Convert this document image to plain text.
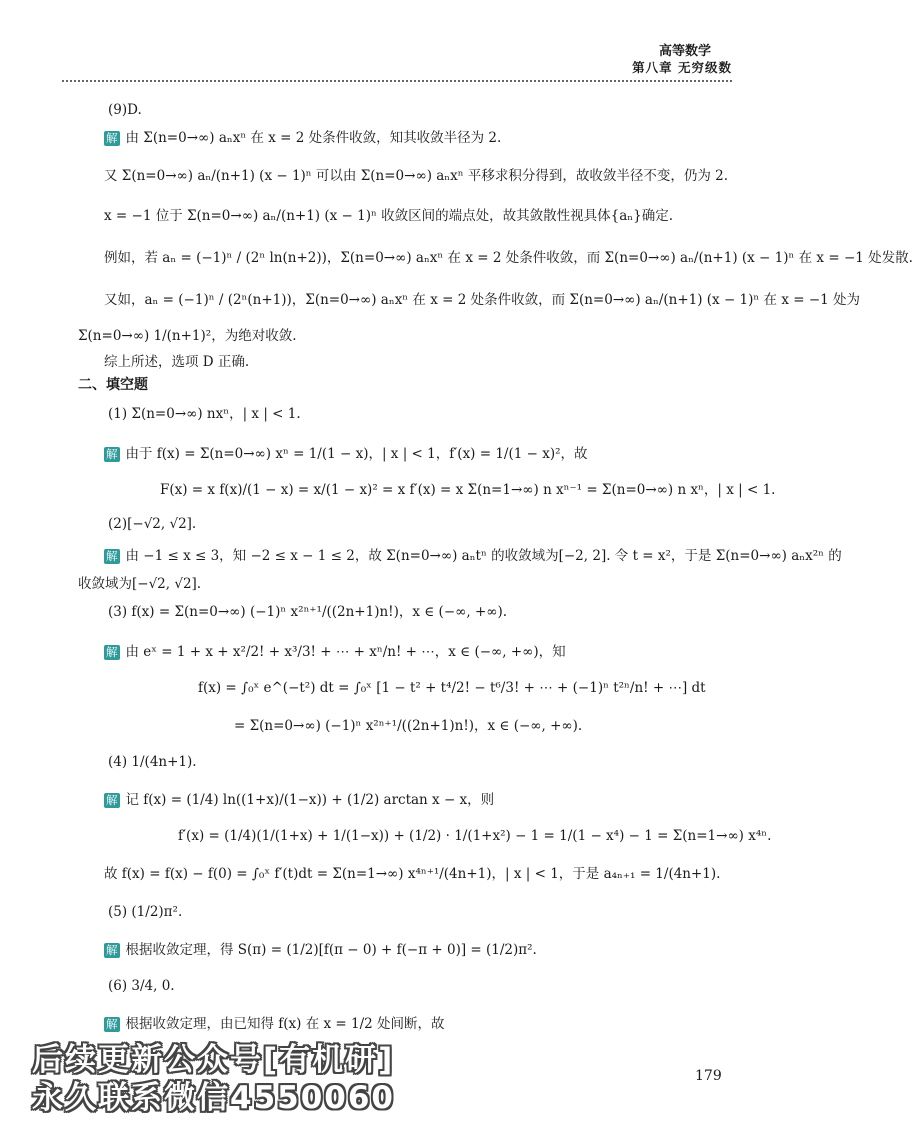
高等数学
第八章 无穷级数
(9)D.
解 由 Σ(n=0→∞) aₙxⁿ 在 x = 2 处条件收敛，知其收敛半径为 2.
又 Σ(n=0→∞) aₙ/(n+1) (x − 1)ⁿ 可以由 Σ(n=0→∞) aₙxⁿ 平移求积分得到，故收敛半径不变，仍为 2.
x = −1 位于 Σ(n=0→∞) aₙ/(n+1) (x − 1)ⁿ 收敛区间的端点处，故其敛散性视具体{aₙ}确定.
例如，若 aₙ = (−1)ⁿ / (2ⁿ ln(n+2))，Σ(n=0→∞) aₙxⁿ 在 x = 2 处条件收敛，而 Σ(n=0→∞) aₙ/(n+1) (x − 1)ⁿ 在 x = −1 处发散.
又如，aₙ = (−1)ⁿ / (2ⁿ(n+1))，Σ(n=0→∞) aₙxⁿ 在 x = 2 处条件收敛，而 Σ(n=0→∞) aₙ/(n+1) (x − 1)ⁿ 在 x = −1 处为
Σ(n=0→∞) 1/(n+1)²，为绝对收敛.
综上所述，选项 D 正确.
二、填空题
(1) Σ(n=0→∞) nxⁿ，| x | < 1.
解 由于 f(x) = Σ(n=0→∞) xⁿ = 1/(1 − x)，| x | < 1，f′(x) = 1/(1 − x)²，故
F(x) = x f(x)/(1 − x) = x/(1 − x)² = x f′(x) = x Σ(n=1→∞) n xⁿ⁻¹ = Σ(n=0→∞) n xⁿ，| x | < 1.
(2)[−√2, √2].
解 由 −1 ≤ x ≤ 3，知 −2 ≤ x − 1 ≤ 2，故 Σ(n=0→∞) aₙtⁿ 的收敛域为[−2, 2]. 令 t = x²，于是 Σ(n=0→∞) aₙx²ⁿ 的
收敛域为[−√2, √2].
(3) f(x) = Σ(n=0→∞) (−1)ⁿ x²ⁿ⁺¹/((2n+1)n!)，x ∈ (−∞, +∞).
解 由 eˣ = 1 + x + x²/2! + x³/3! + ⋯ + xⁿ/n! + ⋯，x ∈ (−∞, +∞)，知
f(x) = ∫₀ˣ e^(−t²) dt = ∫₀ˣ [1 − t² + t⁴/2! − t⁶/3! + ⋯ + (−1)ⁿ t²ⁿ/n! + ⋯] dt
= Σ(n=0→∞) (−1)ⁿ x²ⁿ⁺¹/((2n+1)n!)，x ∈ (−∞, +∞).
(4) 1/(4n+1).
解 记 f(x) = (1/4) ln((1+x)/(1−x)) + (1/2) arctan x − x，则
f′(x) = (1/4)(1/(1+x) + 1/(1−x)) + (1/2) · 1/(1+x²) − 1 = 1/(1 − x⁴) − 1 = Σ(n=1→∞) x⁴ⁿ.
故 f(x) = f(x) − f(0) = ∫₀ˣ f′(t)dt = Σ(n=1→∞) x⁴ⁿ⁺¹/(4n+1)，| x | < 1，于是 a₄ₙ₊₁ = 1/(4n+1).
(5) (1/2)π².
解 根据收敛定理，得 S(π) = (1/2)[f(π − 0) + f(−π + 0)] = (1/2)π².
(6) 3/4, 0.
解 根据收敛定理，由已知得 f(x) 在 x = 1/2 处间断，故
179
后续更新公众号[有机研]
永久联系微信4550060
